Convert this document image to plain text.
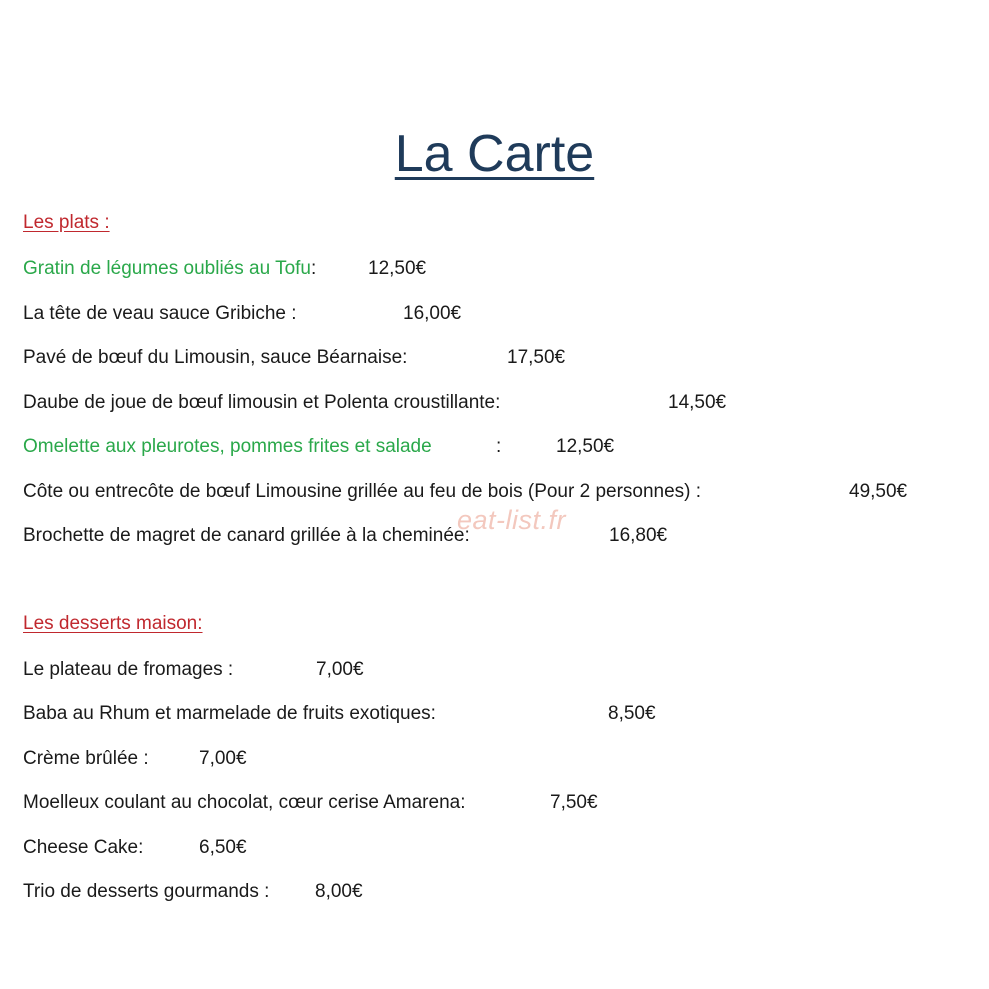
La Carte
Les plats :
Gratin de légumes oubliés au Tofu:	12,50€
La tête de veau sauce Gribiche :	16,00€
Pavé de bœuf du Limousin, sauce Béarnaise:	17,50€
Daube de joue de bœuf limousin et Polenta croustillante:	14,50€
Omelette aux pleurotes, pommes frites et salade	:	12,50€
Côte ou entrecôte de bœuf Limousine grillée au feu de bois (Pour 2 personnes) :	49,50€
Brochette de magret de canard grillée à la cheminée:	16,80€
eat-list.fr
Les desserts maison:
Le plateau de fromages :	7,00€
Baba au Rhum et marmelade de fruits exotiques:	8,50€
Crème brûlée :	7,00€
Moelleux coulant au chocolat, cœur cerise Amarena:	7,50€
Cheese Cake:	6,50€
Trio de desserts gourmands : 8,00€
